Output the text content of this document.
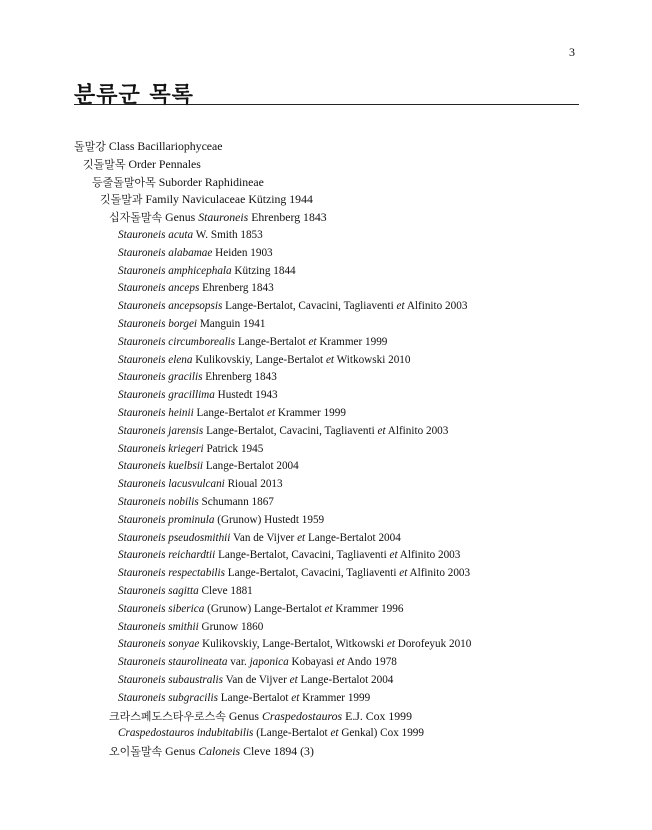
3
분류군 목록
돌말강 Class Bacillariophyceae
깃돌말목 Order Pennales
등줄돌말아목 Suborder Raphidineae
깃돌말과 Family Naviculaceae Kützing 1944
십자돌말속 Genus Stauroneis Ehrenberg 1843
Stauroneis acuta W. Smith 1853
Stauroneis alabamae Heiden 1903
Stauroneis amphicephala Kützing 1844
Stauroneis anceps Ehrenberg 1843
Stauroneis ancepsopsis Lange-Bertalot, Cavacini, Tagliaventi et Alfinito 2003
Stauroneis borgei Manguin 1941
Stauroneis circumborealis Lange-Bertalot et Krammer 1999
Stauroneis elena Kulikovskiy, Lange-Bertalot et Witkowski 2010
Stauroneis gracilis Ehrenberg 1843
Stauroneis gracillima Hustedt 1943
Stauroneis heinii Lange-Bertalot et Krammer 1999
Stauroneis jarensis Lange-Bertalot, Cavacini, Tagliaventi et Alfinito 2003
Stauroneis kriegeri Patrick 1945
Stauroneis kuelbsii Lange-Bertalot 2004
Stauroneis lacusvulcani Rioual 2013
Stauroneis nobilis Schumann 1867
Stauroneis prominula (Grunow) Hustedt 1959
Stauroneis pseudosmithii Van de Vijver et Lange-Bertalot 2004
Stauroneis reichardtii Lange-Bertalot, Cavacini, Tagliaventi et Alfinito 2003
Stauroneis respectabilis Lange-Bertalot, Cavacini, Tagliaventi et Alfinito 2003
Stauroneis sagitta Cleve 1881
Stauroneis siberica (Grunow) Lange-Bertalot et Krammer 1996
Stauroneis smithii Grunow 1860
Stauroneis sonyae Kulikovskiy, Lange-Bertalot, Witkowski et Dorofeyuk 2010
Stauroneis staurolineata var. japonica Kobayasi et Ando 1978
Stauroneis subaustralis Van de Vijver et Lange-Bertalot 2004
Stauroneis subgracilis Lange-Bertalot et Krammer 1999
크라스페도스타우로스속 Genus Craspedostauros E.J. Cox 1999
Craspedostauros indubitabilis (Lange-Bertalot et Genkal) Cox 1999
오이돌말속 Genus Caloneis Cleve 1894 (3)
